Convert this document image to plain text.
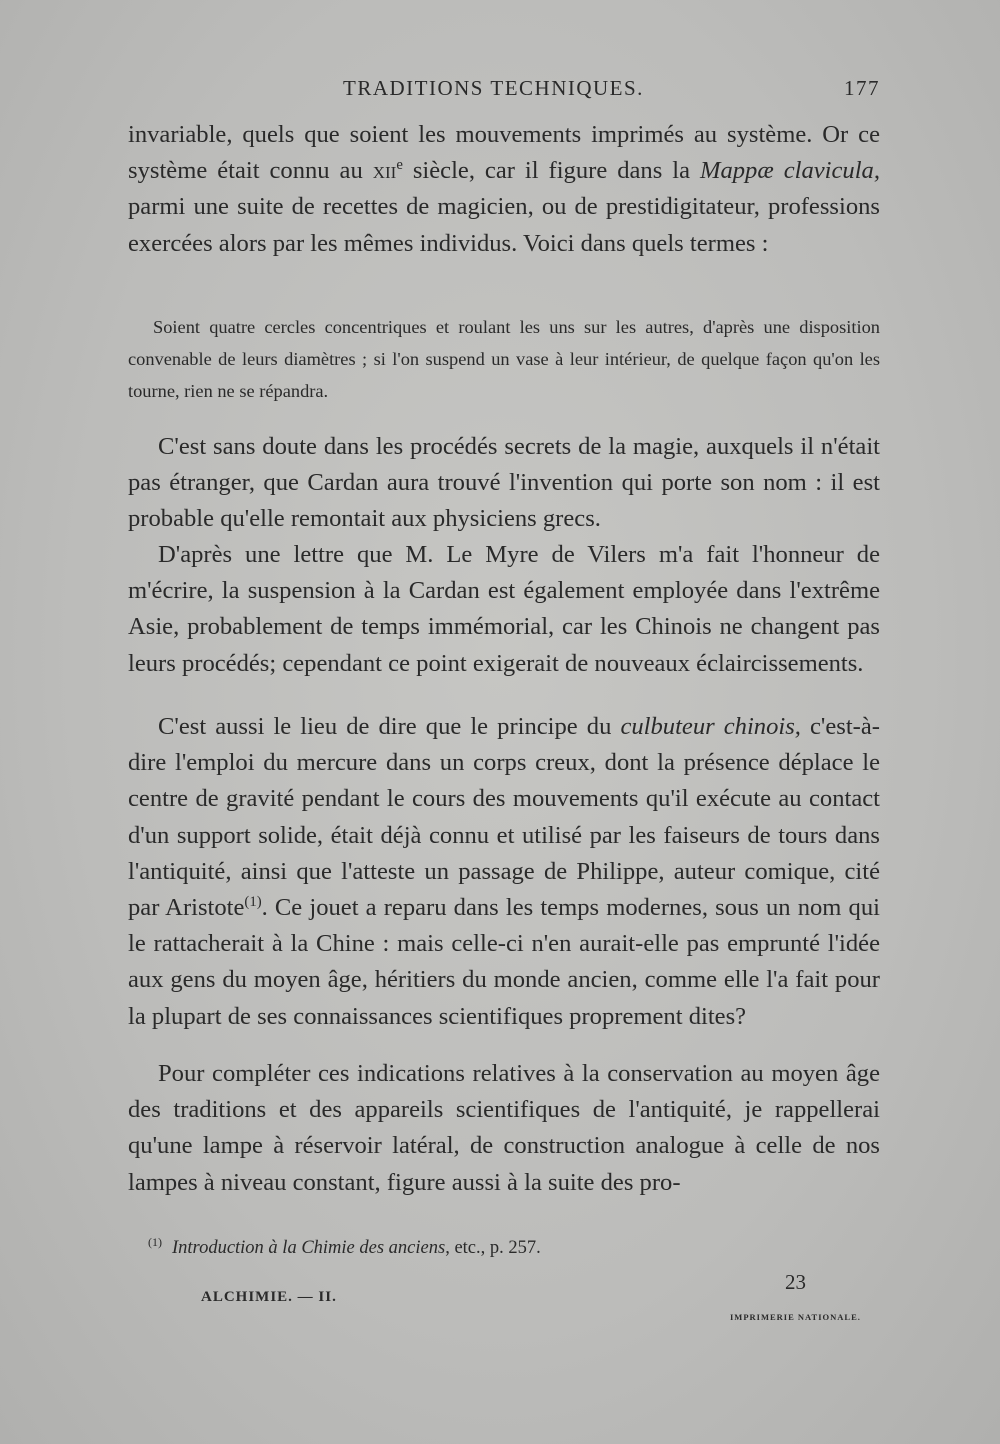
TRADITIONS TECHNIQUES.	177

invariable, quels que soient les mouvements imprimés au système. Or ce système était connu au xii$^e$ siècle, car il figure dans la Mappæ clavicula, parmi une suite de recettes de magicien, ou de prestidigitateur, professions exercées alors par les mêmes individus. Voici dans quels termes :

Soient quatre cercles concentriques et roulant les uns sur les autres, d'après une disposition convenable de leurs diamètres ; si l'on suspend un vase à leur intérieur, de quelque façon qu'on les tourne, rien ne se répandra.

C'est sans doute dans les procédés secrets de la magie, auxquels il n'était pas étranger, que Cardan aura trouvé l'invention qui porte son nom : il est probable qu'elle remontait aux physiciens grecs.

D'après une lettre que M. Le Myre de Vilers m'a fait l'honneur de m'écrire, la suspension à la Cardan est également employée dans l'extrême Asie, probablement de temps immémorial, car les Chinois ne changent pas leurs procédés; cependant ce point exigerait de nouveaux éclaircissements.

C'est aussi le lieu de dire que le principe du culbuteur chinois, c'est-à-dire l'emploi du mercure dans un corps creux, dont la présence déplace le centre de gravité pendant le cours des mouvements qu'il exécute au contact d'un support solide, était déjà connu et utilisé par les faiseurs de tours dans l'antiquité, ainsi que l'atteste un passage de Philippe, auteur comique, cité par Aristote$^{(1)}$. Ce jouet a reparu dans les temps modernes, sous un nom qui le rattacherait à la Chine : mais celle-ci n'en aurait-elle pas emprunté l'idée aux gens du moyen âge, héritiers du monde ancien, comme elle l'a fait pour la plupart de ses connaissances scientifiques proprement dites?

Pour compléter ces indications relatives à la conservation au moyen âge des traditions et des appareils scientifiques de l'antiquité, je rappellerai qu'une lampe à réservoir latéral, de construction analogue à celle de nos lampes à niveau constant, figure aussi à la suite des pro-

$^{(1)}$ Introduction à la Chimie des anciens, etc., p. 257.

ALCHIMIE. — II.
23
IMPRIMERIE NATIONALE.
